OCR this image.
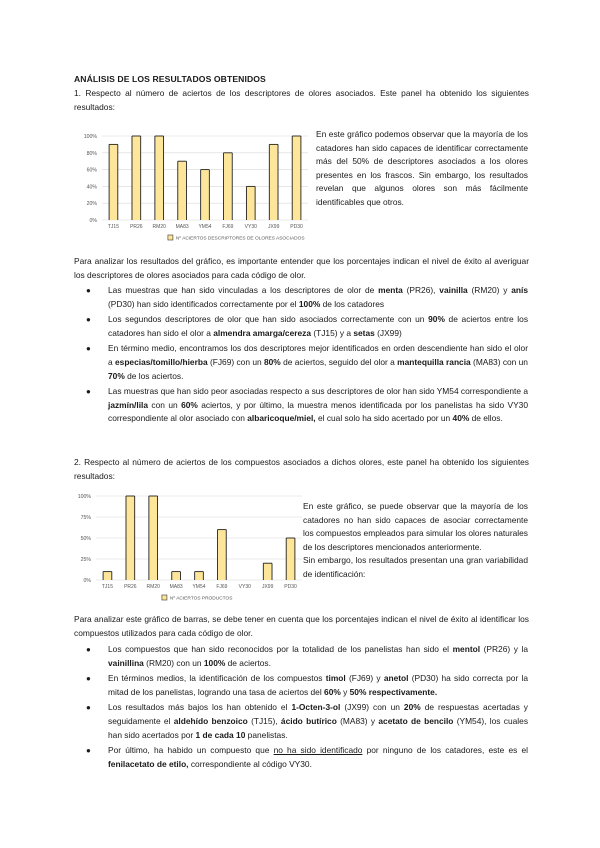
ANÁLISIS DE LOS RESULTADOS OBTENIDOS
1. Respecto al número de aciertos de los descriptores de olores asociados. Este panel ha obtenido los siguientes resultados:
0%
20%
40%
60%
80%
100%
TJ15 PR26 RM20 MA83 YM54 FJ69 VY30 JX99 PD30
Nº ACIERTOS DESCRIPTORES DE OLORES ASOCIADOS
En este gráfico podemos observar que la mayoría de los catadores han sido capaces de identificar correctamente más del 50% de descriptores asociados a los olores presentes en los frascos. Sin embargo, los resultados revelan que algunos olores son más fácilmente identificables que otros.
Para analizar los resultados del gráfico, es importante entender que los porcentajes indican el nivel de éxito al averiguar los descriptores de olores asociados para cada código de olor.
● Las muestras que han sido vinculadas a los descriptores de olor de menta (PR26), vainilla (RM20) y anís (PD30) han sido identificados correctamente por el 100% de los catadores
● Los segundos descriptores de olor que han sido asociados correctamente con un 90% de aciertos entre los catadores han sido el olor a almendra amarga/cereza (TJ15) y a setas (JX99)
● En término medio, encontramos los dos descriptores mejor identificados en orden descendiente han sido el olor a especias/tomillo/hierba (FJ69) con un 80% de aciertos, seguido del olor a mantequilla rancia (MA83) con un 70% de los aciertos.
● Las muestras que han sido peor asociadas respecto a sus descriptores de olor han sido YM54 correspondiente a jazmín/lila con un 60% aciertos, y por último, la muestra menos identificada por los panelistas ha sido VY30 correspondiente al olor asociado con albaricoque/miel, el cual solo ha sido acertado por un 40% de ellos.
2. Respecto al número de aciertos de los compuestos asociados a dichos olores, este panel ha obtenido los siguientes resultados:
0%
25%
50%
75%
100%
TJ15 PR26 RM20 MA83 YM54 FJ69 VY30 JX99 PD30
Nº ACIERTOS PRODUCTOS
En este gráfico, se puede observar que la mayoría de los catadores no han sido capaces de asociar correctamente los compuestos empleados para simular los olores naturales de los descriptores mencionados anteriormente.
Sin embargo, los resultados presentan una gran variabilidad de identificación:
Para analizar este gráfico de barras, se debe tener en cuenta que los porcentajes indican el nivel de éxito al identificar los compuestos utilizados para cada código de olor.
● Los compuestos que han sido reconocidos por la totalidad de los panelistas han sido el mentol (PR26) y la vainillina (RM20) con un 100% de aciertos.
● En términos medios, la identificación de los compuestos timol (FJ69) y anetol (PD30) ha sido correcta por la mitad de los panelistas, logrando una tasa de aciertos del 60% y 50% respectivamente.
● Los resultados más bajos los han obtenido el 1-Octen-3-ol (JX99) con un 20% de respuestas acertadas y seguidamente el aldehído benzoico (TJ15), ácido butírico (MA83) y acetato de bencilo (YM54), los cuales han sido acertados por 1 de cada 10 panelistas.
● Por último, ha habido un compuesto que no ha sido identificado por ninguno de los catadores, este es el fenilacetato de etilo, correspondiente al código VY30.
